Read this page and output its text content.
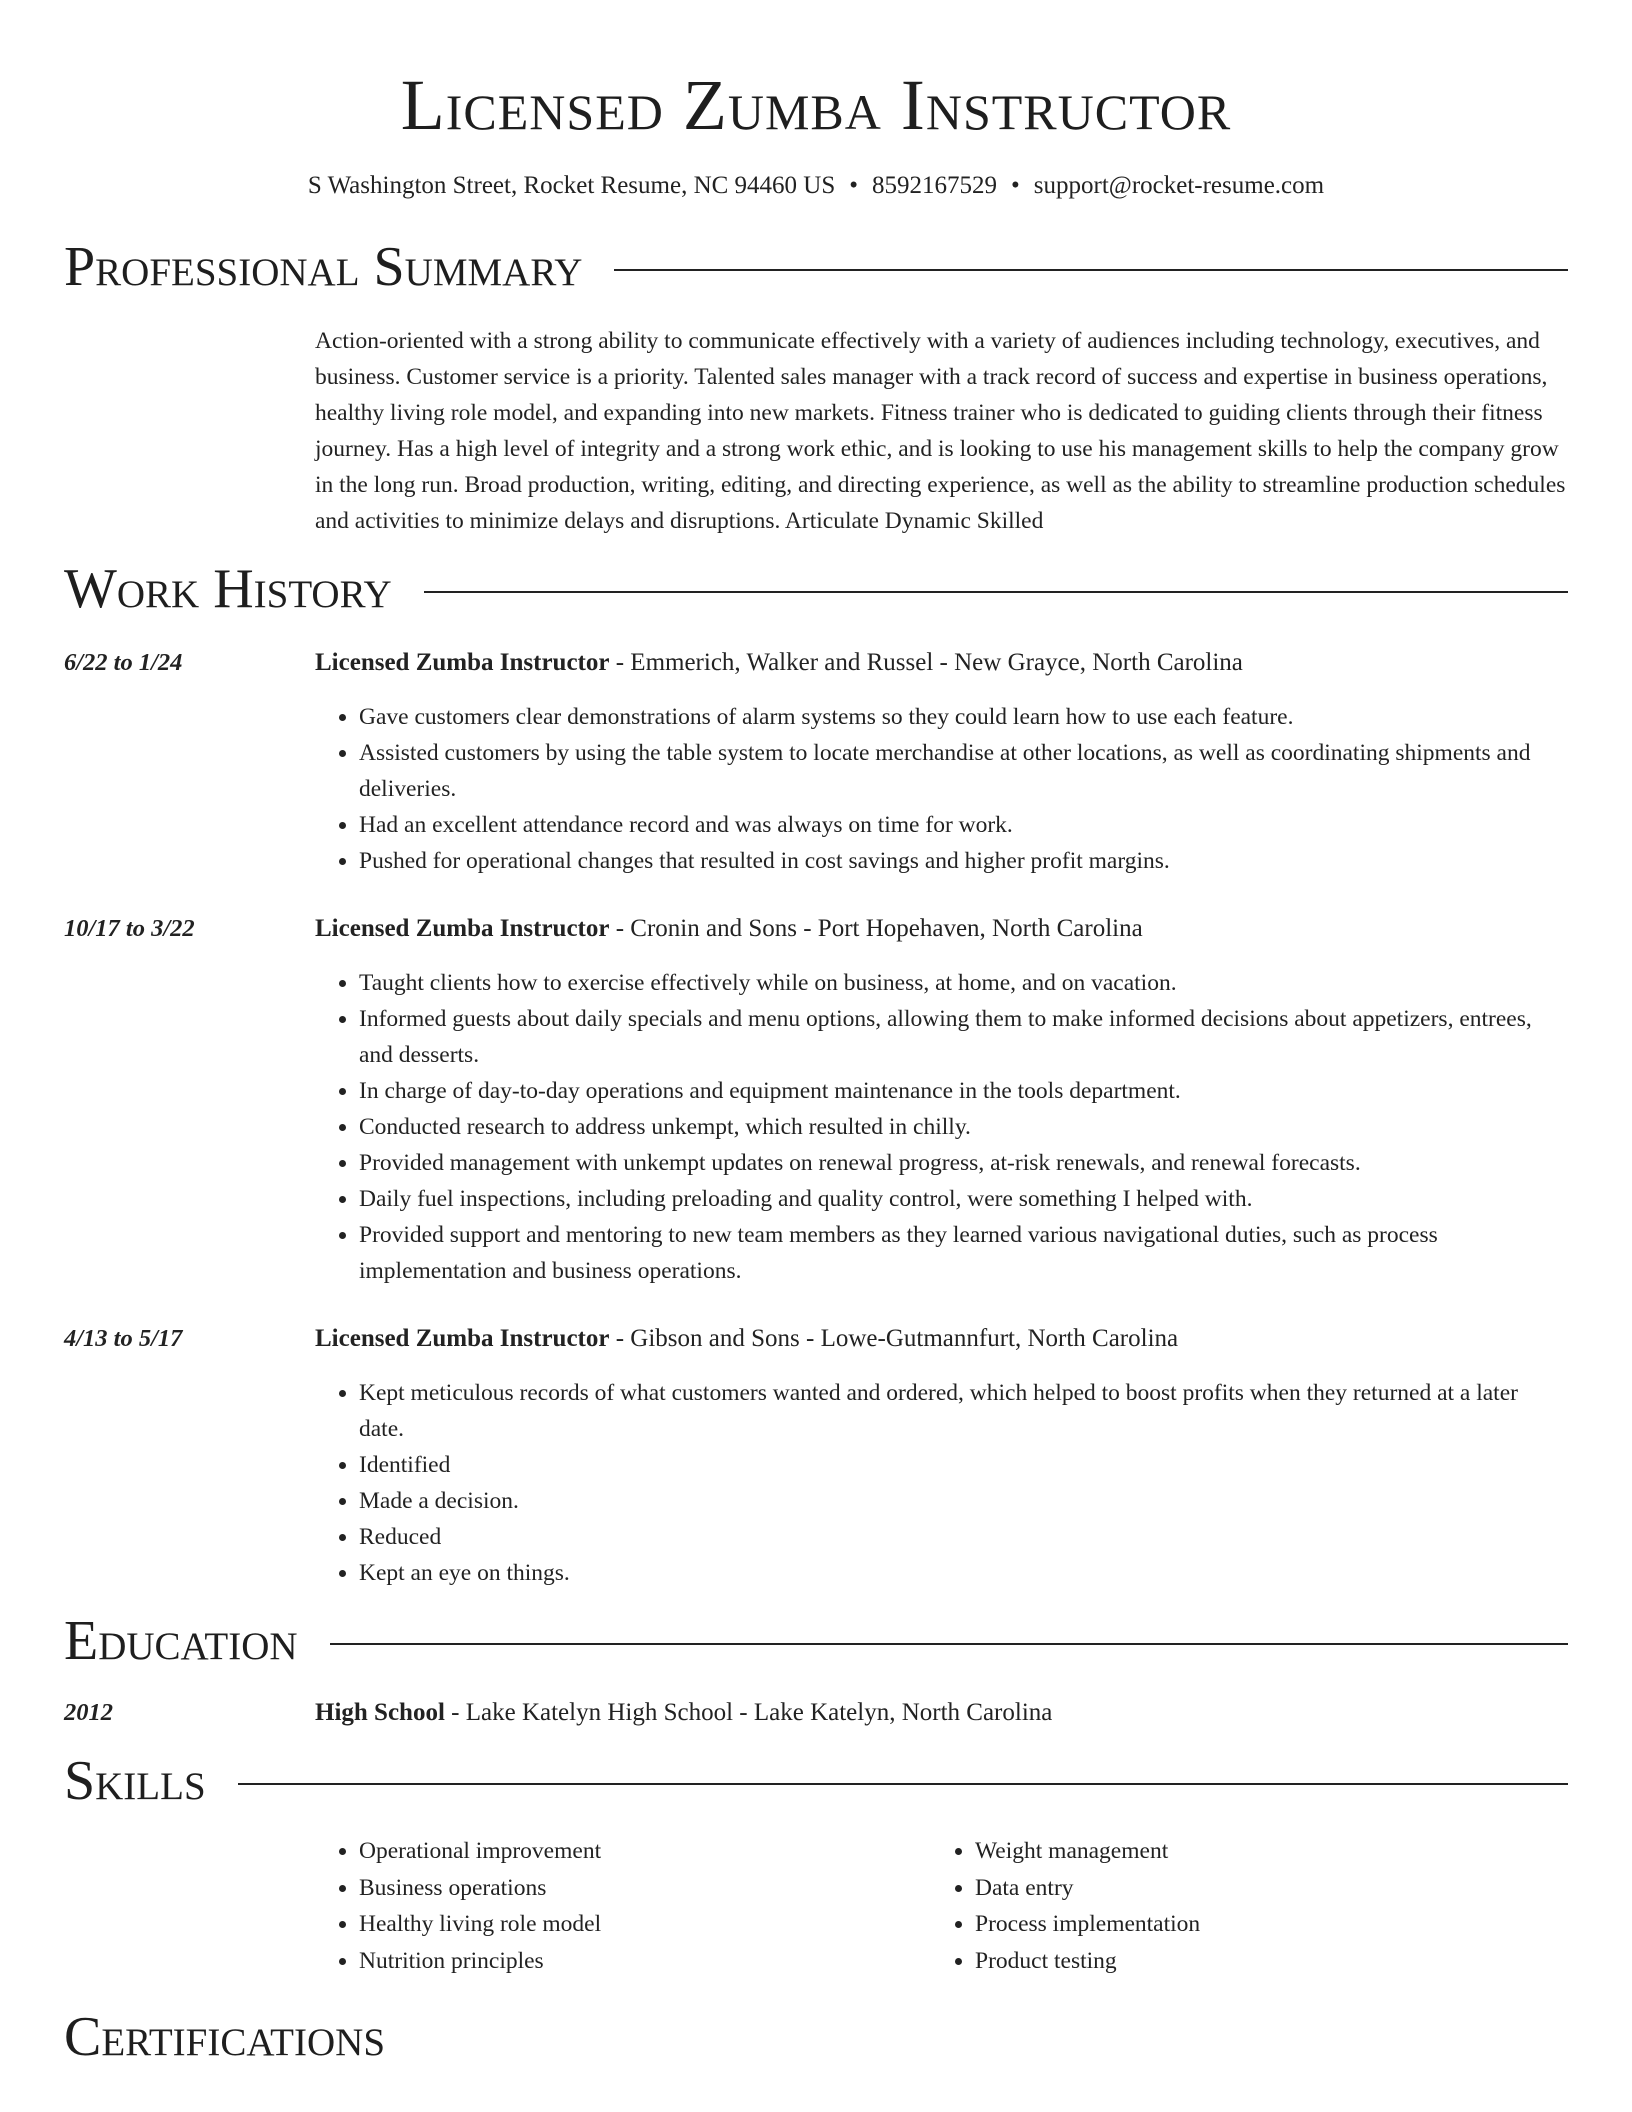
Licensed Zumba Instructor
S Washington Street, Rocket Resume, NC 94460 US • 8592167529 • support@rocket-resume.com
Professional Summary
Action-oriented with a strong ability to communicate effectively with a variety of audiences including technology, executives, and business. Customer service is a priority. Talented sales manager with a track record of success and expertise in business operations, healthy living role model, and expanding into new markets. Fitness trainer who is dedicated to guiding clients through their fitness journey. Has a high level of integrity and a strong work ethic, and is looking to use his management skills to help the company grow in the long run. Broad production, writing, editing, and directing experience, as well as the ability to streamline production schedules and activities to minimize delays and disruptions. Articulate Dynamic Skilled
Work History
6/22 to 1/24	Licensed Zumba Instructor - Emmerich, Walker and Russel - New Grayce, North Carolina
• Gave customers clear demonstrations of alarm systems so they could learn how to use each feature.
• Assisted customers by using the table system to locate merchandise at other locations, as well as coordinating shipments and deliveries.
• Had an excellent attendance record and was always on time for work.
• Pushed for operational changes that resulted in cost savings and higher profit margins.
10/17 to 3/22	Licensed Zumba Instructor - Cronin and Sons - Port Hopehaven, North Carolina
• Taught clients how to exercise effectively while on business, at home, and on vacation.
• Informed guests about daily specials and menu options, allowing them to make informed decisions about appetizers, entrees, and desserts.
• In charge of day-to-day operations and equipment maintenance in the tools department.
• Conducted research to address unkempt, which resulted in chilly.
• Provided management with unkempt updates on renewal progress, at-risk renewals, and renewal forecasts.
• Daily fuel inspections, including preloading and quality control, were something I helped with.
• Provided support and mentoring to new team members as they learned various navigational duties, such as process implementation and business operations.
4/13 to 5/17	Licensed Zumba Instructor - Gibson and Sons - Lowe-Gutmannfurt, North Carolina
• Kept meticulous records of what customers wanted and ordered, which helped to boost profits when they returned at a later date.
• Identified
• Made a decision.
• Reduced
• Kept an eye on things.
Education
2012	High School - Lake Katelyn High School - Lake Katelyn, North Carolina
Skills
• Operational improvement
• Business operations
• Healthy living role model
• Nutrition principles
• Weight management
• Data entry
• Process implementation
• Product testing
Certifications
